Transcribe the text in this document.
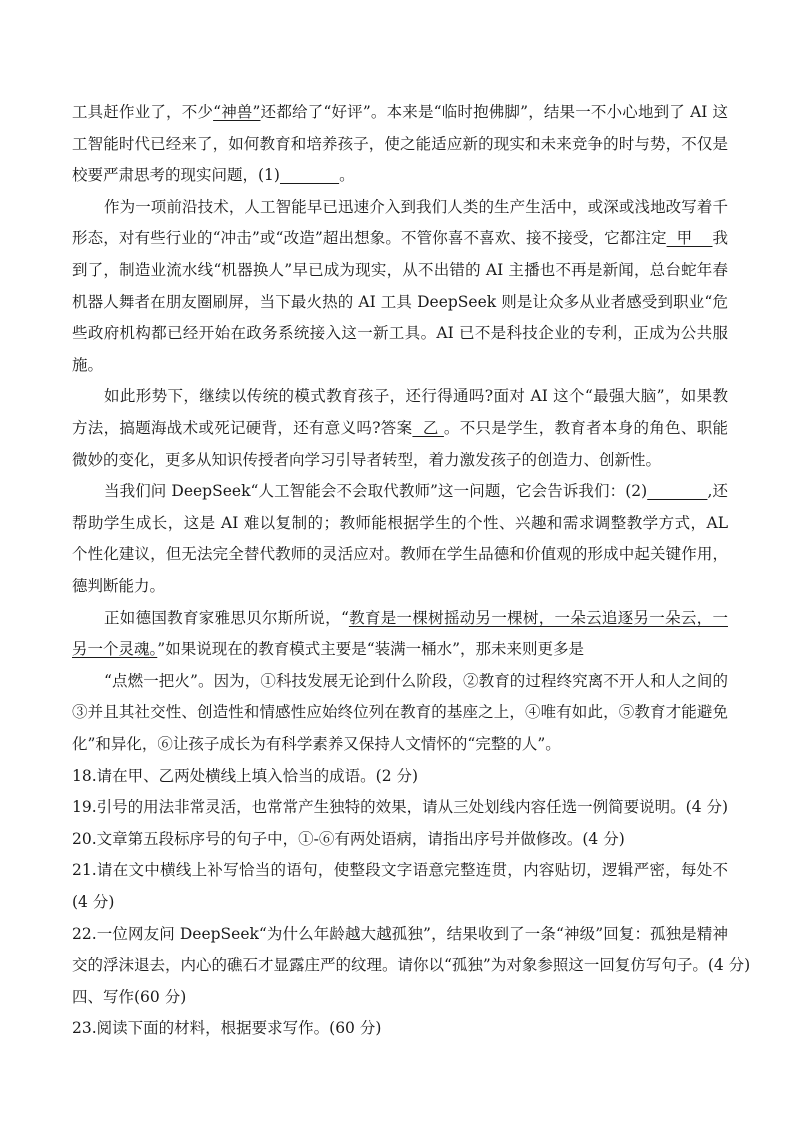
工具赶作业了，不少“神兽”还都给了“好评”。本来是“临时抱佛脚”，结果一不小心地到了 AI 这
工智能时代已经来了，如何教育和培养孩子，使之能适应新的现实和未来竞争的时与势，不仅是
校要严肃思考的现实问题，(1)	。
作为一项前沿技术，人工智能早已迅速介入到我们人类的生产生活中，或深或浅地改写着千
形态，对有些行业的“冲击”或“改造”超出想象。不管你喜不喜欢、接不接受，它都注定  甲    我
到了，制造业流水线“机器换人”早已成为现实，从不出错的 AI 主播也不再是新闻，总台蛇年春
机器人舞者在朋友圈刷屏，当下最火热的 AI 工具 DeepSeek 则是让众多从业者感受到职业“危
些政府机构都已经开始在政务系统接入这一新工具。AI 已不是科技企业的专利，正成为公共服
施。
如此形势下，继续以传统的模式教育孩子，还行得通吗?面对 AI 这个“最强大脑”，如果教
方法，搞题海战术或死记硬背，还有意义吗?答案  乙 。不只是学生，教育者本身的角色、职能
微妙的变化，更多从知识传授者向学习引导者转型，着力激发孩子的创造力、创新性。
当我们问 DeepSeek“人工智能会不会取代教师”这一问题，它会告诉我们：(2)	,还
帮助学生成长，这是 AI 难以复制的；教师能根据学生的个性、兴趣和需求调整教学方式，AL
个性化建议，但无法完全替代教师的灵活应对。教师在学生品德和价值观的形成中起关键作用，
德判断能力。
正如德国教育家雅思贝尔斯所说，“教育是一棵树摇动另一棵树，一朵云追逐另一朵云，一
另一个灵魂。”如果说现在的教育模式主要是“装满一桶水”，那未来则更多是
“点燃一把火”。因为，①科技发展无论到什么阶段，②教育的过程终究离不开人和人之间的
③并且其社交性、创造性和情感性应始终位列在教育的基座之上，④唯有如此，⑤教育才能避免
化”和异化，⑥让孩子成长为有科学素养又保持人文情怀的“完整的人”。
18.请在甲、乙两处横线上填入恰当的成语。(2 分)
19.引号的用法非常灵活，也常常产生独特的效果，请从三处划线内容任选一例简要说明。(4 分)
20.文章第五段标序号的句子中，①-⑥有两处语病，请指出序号并做修改。(4 分)
21.请在文中横线上补写恰当的语句，使整段文字语意完整连贯，内容贴切，逻辑严密，每处不
(4 分)
22.一位网友问 DeepSeek“为什么年龄越大越孤独”，结果收到了一条“神级”回复：孤独是精神
交的浮沫退去，内心的礁石才显露庄严的纹理。请你以“孤独”为对象参照这一回复仿写句子。(4 分)
四、写作(60 分)
23.阅读下面的材料，根据要求写作。(60 分)
